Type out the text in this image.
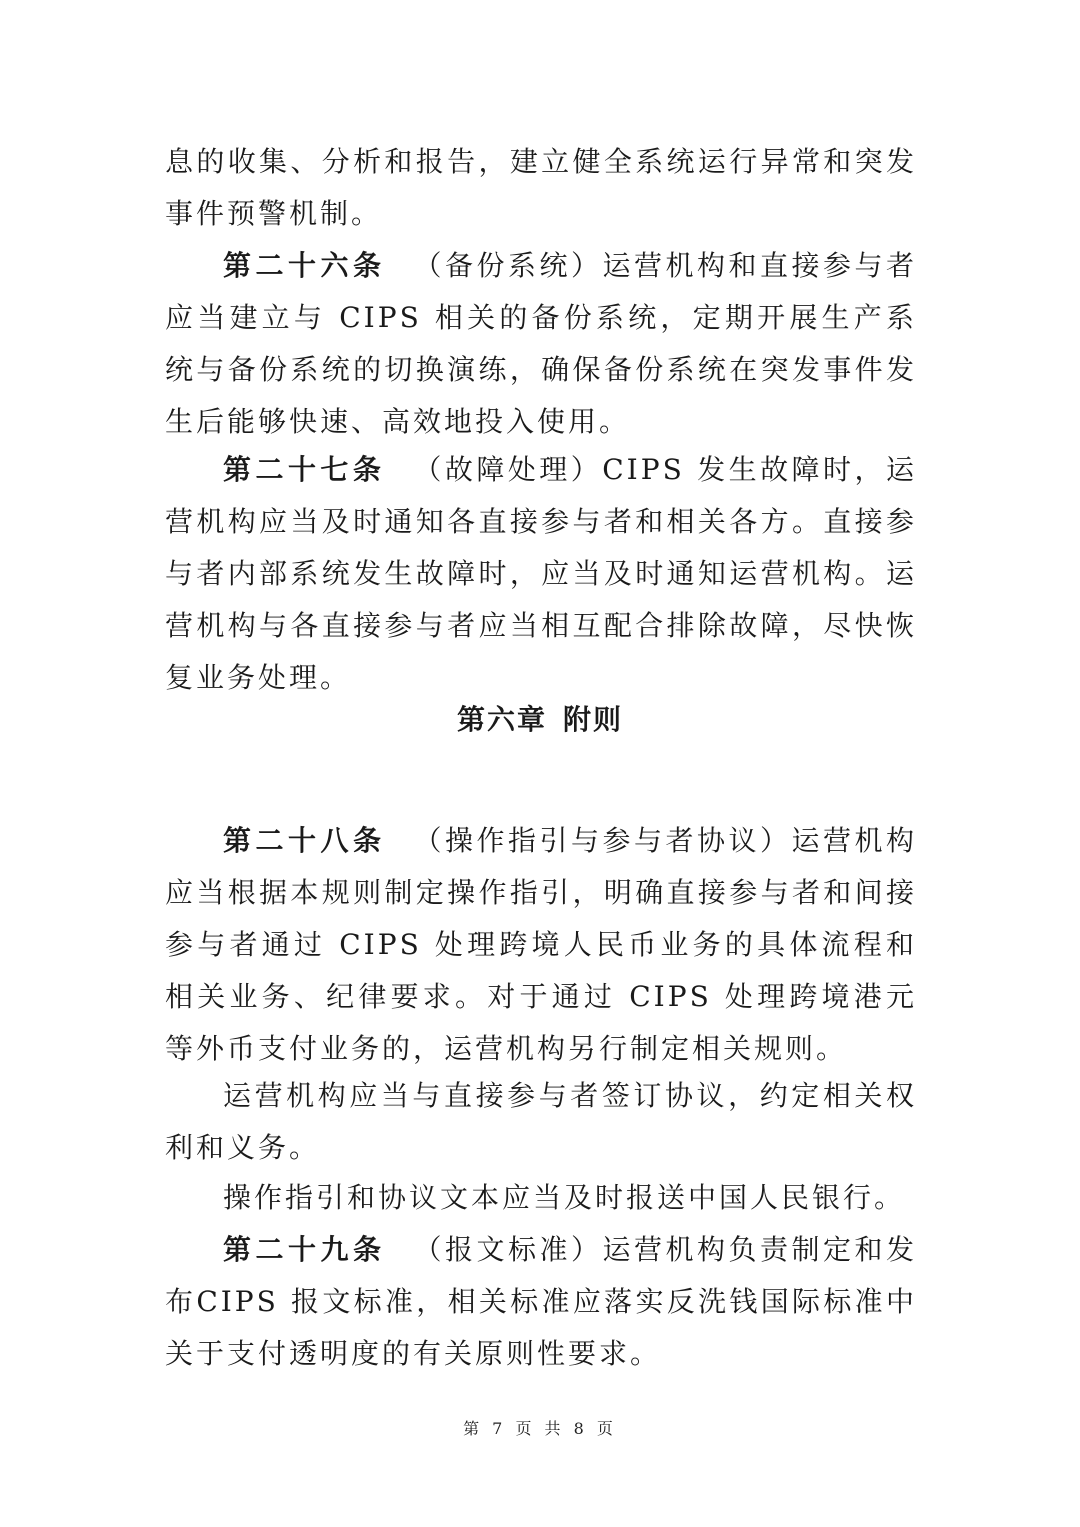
息的收集、分析和报告，建立健全系统运行异常和突发事件预警机制。

第二十六条 （备份系统）运营机构和直接参与者应当建立与 CIPS 相关的备份系统，定期开展生产系统与备份系统的切换演练，确保备份系统在突发事件发生后能够快速、高效地投入使用。

第二十七条 （故障处理）CIPS 发生故障时，运营机构应当及时通知各直接参与者和相关各方。直接参与者内部系统发生故障时，应当及时通知运营机构。运营机构与各直接参与者应当相互配合排除故障，尽快恢复业务处理。

第六章 附则

第二十八条 （操作指引与参与者协议）运营机构应当根据本规则制定操作指引，明确直接参与者和间接参与者通过 CIPS 处理跨境人民币业务的具体流程和相关业务、纪律要求。对于通过 CIPS 处理跨境港元等外币支付业务的，运营机构另行制定相关规则。

运营机构应当与直接参与者签订协议，约定相关权利和义务。

操作指引和协议文本应当及时报送中国人民银行。

第二十九条 （报文标准）运营机构负责制定和发布CIPS 报文标准，相关标准应落实反洗钱国际标准中关于支付透明度的有关原则性要求。

第 7 页 共 8 页
